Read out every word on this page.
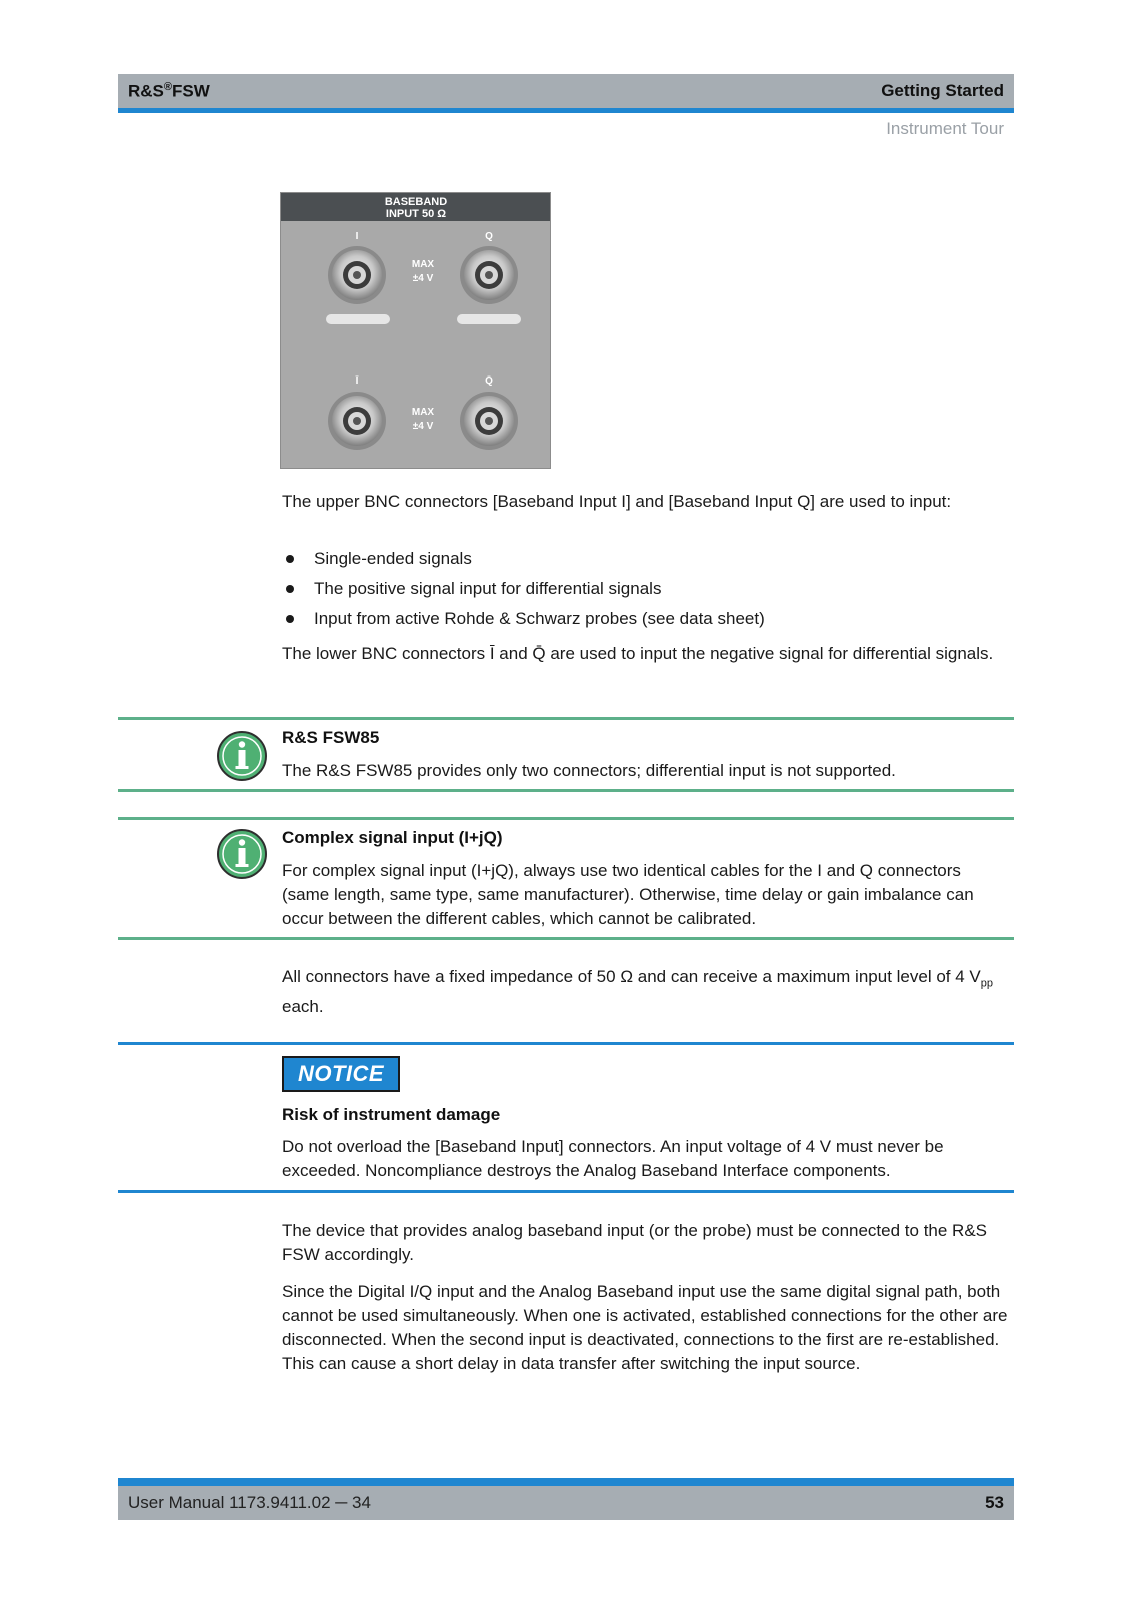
R&S®FSW	Getting Started
Instrument Tour
BASEBAND
INPUT 50 Ω
I	Q
MAX
±4 V
Ī	Q̄
MAX
±4 V
The upper BNC connectors [Baseband Input I] and [Baseband Input Q] are used to input:
Single-ended signals
The positive signal input for differential signals
Input from active Rohde & Schwarz probes (see data sheet)
The lower BNC connectors Ī and Q̄ are used to input the negative signal for differential signals.
R&S FSW85
The R&S FSW85 provides only two connectors; differential input is not supported.
Complex signal input (I+jQ)
For complex signal input (I+jQ), always use two identical cables for the I and Q connectors (same length, same type, same manufacturer). Otherwise, time delay or gain imbalance can occur between the different cables, which cannot be calibrated.
All connectors have a fixed impedance of 50 Ω and can receive a maximum input level of 4 $V_{pp}$ each.
NOTICE
Risk of instrument damage
Do not overload the [Baseband Input] connectors. An input voltage of 4 V must never be exceeded. Noncompliance destroys the Analog Baseband Interface components.
The device that provides analog baseband input (or the probe) must be connected to the R&S FSW accordingly.
Since the Digital I/Q input and the Analog Baseband input use the same digital signal path, both cannot be used simultaneously. When one is activated, established connections for the other are disconnected. When the second input is deactivated, connections to the first are re-established. This can cause a short delay in data transfer after switching the input source.
User Manual 1173.9411.02 ─ 34	53
